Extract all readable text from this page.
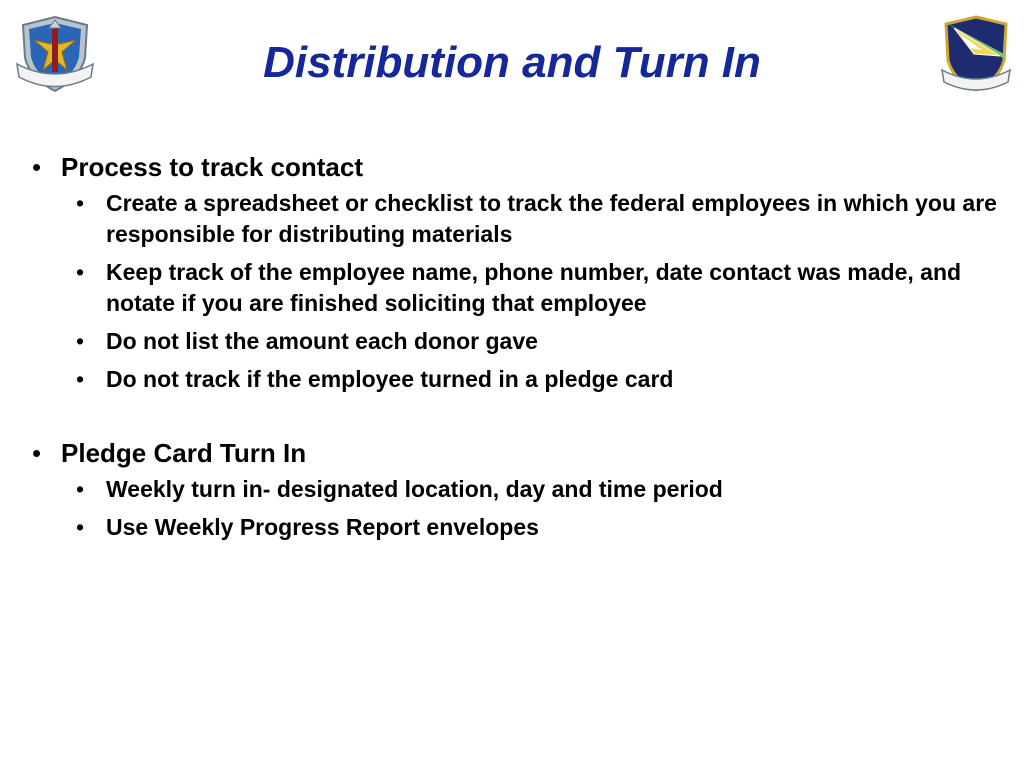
Distribution and Turn In
• Process to track contact
• Create a spreadsheet or checklist to track the federal employees in which you are responsible for distributing materials
• Keep track of the employee name, phone number, date contact was made, and notate if you are finished soliciting that employee
• Do not list the amount each donor gave
• Do not track if the employee turned in a pledge card
• Pledge Card Turn In
• Weekly turn in- designated location, day and time period
• Use Weekly Progress Report envelopes
